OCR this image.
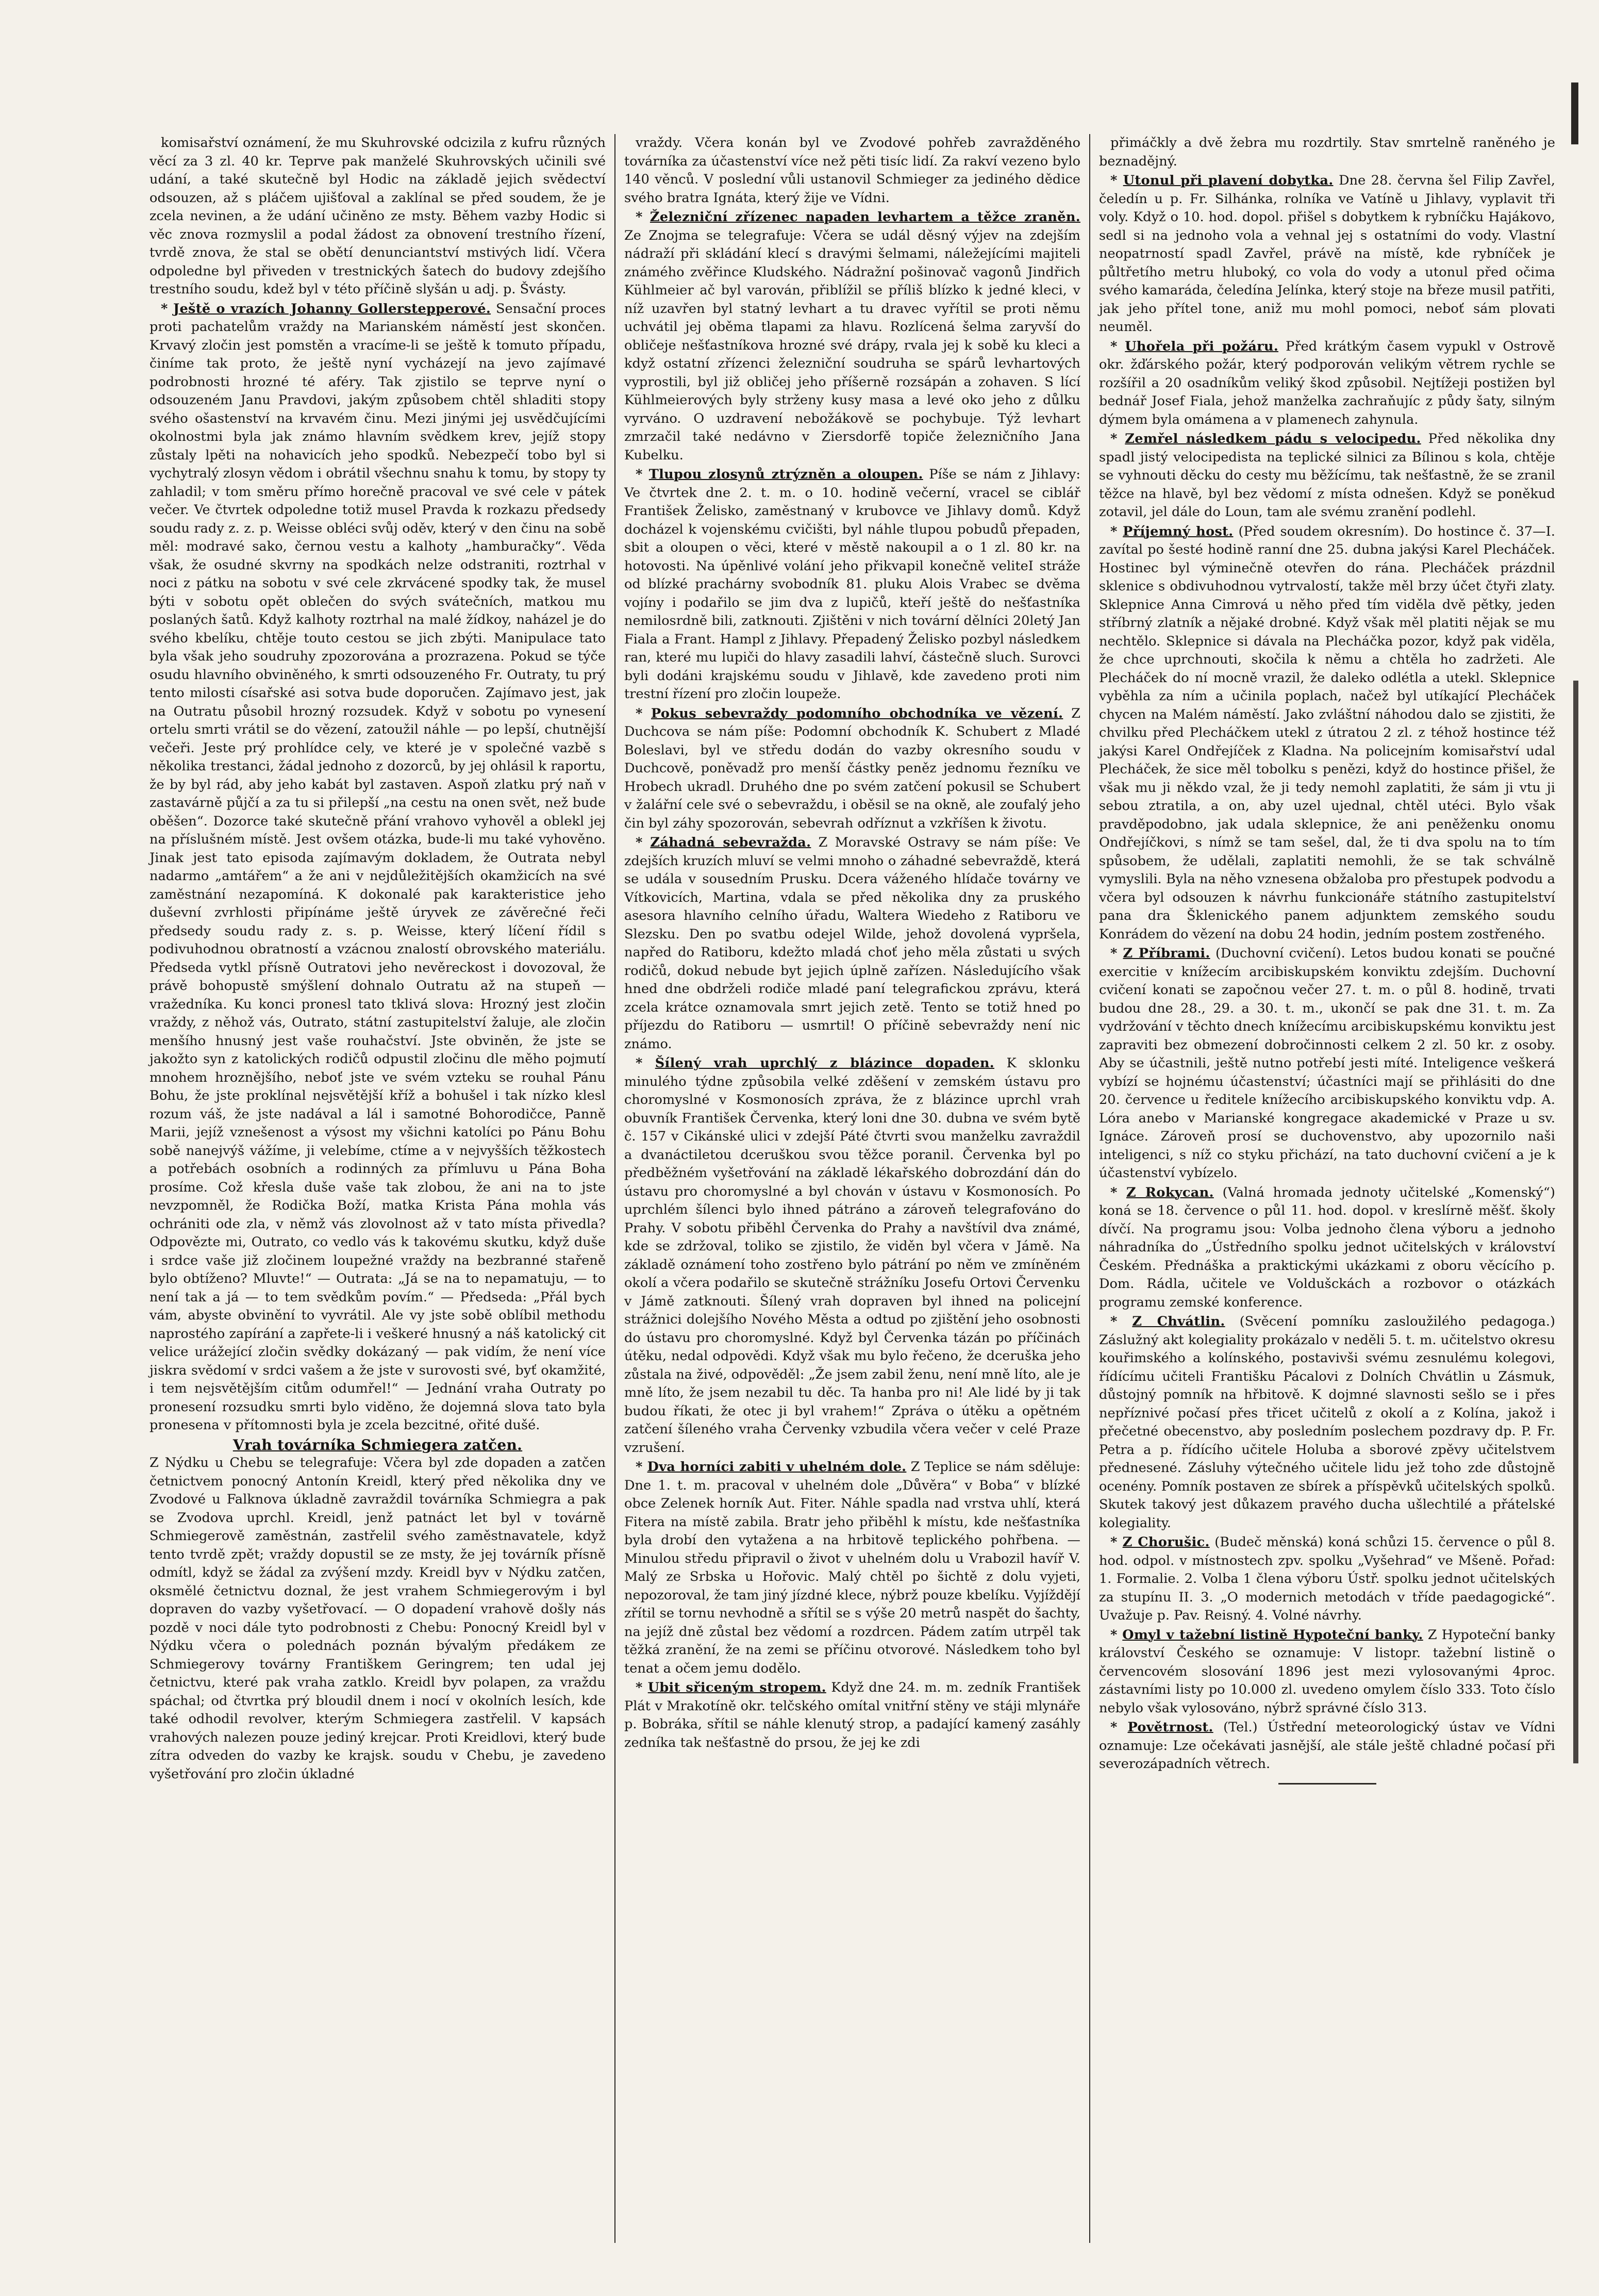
komisařství oznámení, že mu Skuhrovské odcizila z kufru různých věcí za 3 zl. 40 kr. Teprve pak manželé Skuhrovských učinili své udání, a také skutečně byl Hodic na základě jejich svědectví odsouzen, až s pláčem ujišťoval a zaklínal se před soudem, že je zcela nevinen, a že udání učiněno ze msty. Během vazby Hodic si věc znova rozmyslil a podal žádost za obnovení trestního řízení, tvrdě znova, že stal se obětí denunciantství mstivých lidí. Včera odpoledne byl přiveden v trestnických šatech do budovy zdejšího trestního soudu, kdež byl v této příčině slyšán u adj. p. Švásty.

* Ještě o vrazích Johanny Gollerstepperové. Sensační proces proti pachatelům vraždy na Marianském náměstí jest skončen. Krvavý zločin jest pomstěn a vracíme-li se ještě k tomuto případu, činíme tak proto, že ještě nyní vycházejí na jevo zajímavé podrobnosti hrozné té aféry. Tak zjistilo se teprve nyní o odsouzeném Janu Pravdovi, jakým způsobem chtěl shladiti stopy svého ošastenství na krvavém činu. Mezi jinými jej usvědčujícími okolnostmi byla jak známo hlavním svědkem krev, jejíž stopy zůstaly lpěti na nohavicích jeho spodků. Nebezpečí tobo byl si vychytralý zlosyn vědom i obrátil všechnu snahu k tomu, by stopy ty zahladil; v tom směru přímo horečně pracoval ve své cele v pátek večer. Ve čtvrtek odpoledne totiž musel Pravda k rozkazu předsedy soudu rady z. z. p. Weisse obléci svůj oděv, který v den činu na sobě měl: modravé sako, černou vestu a kalhoty „hamburačky“. Věda však, že osudné skvrny na spodkách nelze odstraniti, roztrhal v noci z pátku na sobotu v své cele zkrvácené spodky tak, že musel býti v sobotu opět oblečen do svých svátečních, matkou mu poslaných šatů. Když kalhoty roztrhal na malé žídkoy, naházel je do svého kbelíku, chtěje touto cestou se jich zbýti. Manipulace tato byla však jeho soudruhy zpozorována a prozrazena. Pokud se týče osudu hlavního obviněného, k smrti odsouzeného Fr. Outraty, tu prý tento milosti císařské asi sotva bude doporučen. Zajímavo jest, jak na Outratu působil hrozný rozsudek. Když v sobotu po vynesení ortelu smrti vrátil se do vězení, zatoužil náhle — po lepší, chutnější večeři. Jeste prý prohlídce cely, ve které je v společné vazbě s několika trestanci, žádal jednoho z dozorců, by jej ohlásil k raportu, že by byl rád, aby jeho kabát byl zastaven. Aspoň zlatku prý naň v zastavárně půjčí a za tu si přilepší „na cestu na onen svět, než bude oběšen“. Dozorce také skutečně přání vrahovo vyhověl a oblekl jej na příslušném místě. Jest ovšem otázka, bude-li mu také vyhověno. Jinak jest tato episoda zajímavým dokladem, že Outrata nebyl nadarmo „amtářem“ a že ani v nejdůležitějších okamžicích na své zaměstnání nezapomíná. K dokonalé pak karakteristice jeho duševní zvrhlosti připínáme ještě úryvek ze závěrečné řeči předsedy soudu rady z. s. p. Weisse, který líčení řídil s podivuhodnou obratností a vzácnou znalostí obrovského materiálu. Předseda vytkl přísně Outratovi jeho nevěreckost i dovozoval, že právě bohopustě smýšlení dohnalo Outratu až na stupeň — vražedníka. Ku konci pronesl tato tklivá slova: Hrozný jest zločin vraždy, z něhož vás, Outrato, státní zastupitelství žaluje, ale zločin menšího hnusný jest vaše rouhačství. Jste obviněn, že jste se jakožto syn z katolických rodičů odpustil zločinu dle měho pojmutí mnohem hroznějšího, neboť jste ve svém vzteku se rouhal Pánu Bohu, že jste proklínal nejsvětější kříž a bohušel i tak nízko klesl rozum váš, že jste nadával a lál i samotné Bohorodičce, Panně Marii, jejíž vznešenost a výsost my všichni katolíci po Pánu Bohu sobě nanejvýš vážíme, ji velebíme, ctíme a v nejvyšších těžkostech a potřebách osobních a rodinných za přímluvu u Pána Boha prosíme. Což křesla duše vaše tak zlobou, že ani na to jste nevzpomněl, že Rodička Boží, matka Krista Pána mohla vás ochrániti ode zla, v němž vás zlovolnost až v tato místa přivedla? Odpovězte mi, Outrato, co vedlo vás k takovému skutku, když duše i srdce vaše již zločinem loupežné vraždy na bezbranné stařeně bylo obtíženo? Mluvte!“ — Outrata: „Já se na to nepamatuju, — to není tak a já — to tem svědkům povím.“ — Předseda: „Přál bych vám, abyste obvinění to vyvrátil. Ale vy jste sobě oblíbil methodu naprostého zapírání a zapřete-li i veškeré hnusný a náš katolický cit velice urážející zločin svědky dokázaný — pak vidím, že není více jiskra svědomí v srdci vašem a že jste v surovosti své, byť okamžité, i tem nejsvětějším citům odumřel!“ — Jednání vraha Outraty po pronesení rozsudku smrti bylo viděno, že dojemná slova tato byla pronesena v přítomnosti byla je zcela bezcitné, ořité dušé.

Vrah továrníka Schmiegera zatčen.
Z Nýdku u Chebu se telegrafuje: Včera byl zde dopaden a zatčen četnictvem ponocný Antonín Kreidl, který před několika dny ve Zvodové u Falknova úkladně zavraždil továrníka Schmiegra a pak se Zvodova uprchl. Kreidl, jenž patnáct let byl v továrně Schmiegerově zaměstnán, zastřelil svého zaměstnavatele, když tento tvrdě zpět; vraždy dopustil se ze msty, že jej továrník přísně odmítl, když se žádal za zvýšení mzdy. Kreidl byv v Nýdku zatčen, oksmělé četnictvu doznal, že jest vrahem Schmiegerovým i byl dopraven do vazby vyšetřovací. — O dopadení vrahově došly nás pozdě v noci dále tyto podrobnosti z Chebu: Ponocný Kreidl byl v Nýdku včera o polednách poznán bývalým předákem ze Schmiegerovy továrny Františkem Geringrem; ten udal jej četnictvu, které pak vraha zatklo. Kreidl byv polapen, za vraždu spáchal; od čtvrtka prý bloudil dnem i nocí v okolních lesích, kde také odhodil revolver, kterým Schmiegera zastřelil. V kapsách vrahových nalezen pouze jediný krejcar. Proti Kreidlovi, který bude zítra odveden do vazby ke krajsk. soudu v Chebu, je zavedeno vyšetřování pro zločin úkladné

vraždy. Včera konán byl ve Zvodové pohřeb zavražděného továrníka za účastenství více než pěti tisíc lidí. Za rakví vezeno bylo 140 věnců. V poslední vůli ustanovil Schmieger za jediného dědice svého bratra Ignáta, který žije ve Vídni.

* Železniční zřízenec napaden levhartem a těžce zraněn. Ze Znojma se telegrafuje: Včera se udál děsný výjev na zdejším nádraží při skládání klecí s dravými šelmami, náležejícími majiteli známého zvěřince Kludského. Nádražní pošinovač vagonů Jindřich Kühlmeier ač byl varován, přiblížil se příliš blízko k jedné kleci, v níž uzavřen byl statný levhart a tu dravec vyřítil se proti němu uchvátil jej oběma tlapami za hlavu. Rozlícená šelma zaryvší do obličeje nešťastníkova hrozné své drápy, rvala jej k sobě ku kleci a když ostatní zřízenci železniční soudruha se spárů levhartových vyprostili, byl již obličej jeho příšerně rozsápán a zohaven. S lící Kühlmeierových byly strženy kusy masa a levé oko jeho z důlku vyrváno. O uzdravení nebožákově se pochybuje. Týž levhart zmrzačil také nedávno v Ziersdorfě topiče železničního Jana Kubelku.

* Tlupou zlosynů ztrýzněn a oloupen. Píše se nám z Jihlavy: Ve čtvrtek dne 2. t. m. o 10. hodině večerní, vracel se ciblář František Želisko, zaměstnaný v krubovce ve Jihlavy domů. Když docházel k vojenskému cvičišti, byl náhle tlupou pobudů přepaden, sbit a oloupen o věci, které v městě nakoupil a o 1 zl. 80 kr. na hotovosti. Na úpěnlivé volání jeho přikvapil konečně veliteI stráže od blízké prachárny svobodník 81. pluku Alois Vrabec se dvěma vojíny i podařilo se jim dva z lupičů, kteří ještě do nešťastníka nemilosrdně bili, zatknouti. Zjištěni v nich tovární dělníci 20letý Jan Fiala a Frant. Hampl z Jihlavy. Přepadený Želisko pozbyl následkem ran, které mu lupiči do hlavy zasadili lahví, částečně sluch. Surovci byli dodáni krajskému soudu v Jihlavě, kde zavedeno proti nim trestní řízení pro zločin loupeže.

* Pokus sebevraždy podomního obchodníka ve vězení. Z Duchcova se nám píše: Podomní obchodník K. Schubert z Mladé Boleslavi, byl ve středu dodán do vazby okresního soudu v Duchcově, poněvadž pro menší částky peněz jednomu řezníku ve Hrobech ukradl. Druhého dne po svém zatčení pokusil se Schubert v žalářní cele své o sebevraždu, i oběsil se na okně, ale zoufalý jeho čin byl záhy spozorován, sebevrah odříznut a vzkříšen k životu.

* Záhadná sebevražda. Z Moravské Ostravy se nám píše: Ve zdejších kruzích mluví se velmi mnoho o záhadné sebevraždě, která se udála v sousedním Prusku. Dcera váženého hlídače továrny ve Vítkovicích, Martina, vdala se před několika dny za pruského asesora hlavního celního úřadu, Waltera Wiedeho z Ratiboru ve Slezsku. Den po svatbu odejel Wilde, jehož dovolená vypršela, napřed do Ratiboru, kdežto mladá choť jeho měla zůstati u svých rodičů, dokud nebude byt jejich úplně zařízen. Následujícího však hned dne obdrželi rodiče mladé paní telegrafickou zprávu, která zcela krátce oznamovala smrt jejich zetě. Tento se totiž hned po příjezdu do Ratiboru — usmrtil! O příčině sebevraždy není nic známo.

* Šílený vrah uprchlý z blázince dopaden. K sklonku minulého týdne způsobila velké zděšení v zemském ústavu pro choromyslné v Kosmonosích zpráva, že z blázince uprchl vrah obuvník František Červenka, který loni dne 30. dubna ve svém bytě č. 157 v Cikánské ulici v zdejší Páté čtvrti svou manželku zavraždil a dvanáctiletou dceruškou svou těžce poranil. Červenka byl po předběžném vyšetřování na základě lékařského dobrozdání dán do ústavu pro choromyslné a byl chován v ústavu v Kosmonosích. Po uprchlém šílenci bylo ihned pátráno a zároveň telegrafováno do Prahy. V sobotu přiběhl Červenka do Prahy a navštívil dva známé, kde se zdržoval, toliko se zjistilo, že viděn byl včera v Jámě. Na základě oznámení toho zostřeno bylo pátrání po něm ve zmíněném okolí a včera podařilo se skutečně strážníku Josefu Ortovi Červenku v Jámě zatknouti. Šílený vrah dopraven byl ihned na policejní strážnici dolejšího Nového Města a odtud po zjištění jeho osobnosti do ústavu pro choromyslné. Když byl Červenka tázán po příčinách útěku, nedal odpovědi. Když však mu bylo řečeno, že dceruška jeho zůstala na živé, odpověděl: „Že jsem zabil ženu, není mně líto, ale je mně líto, že jsem nezabil tu děc. Ta hanba pro ni! Ale lidé by ji tak budou říkati, že otec ji byl vrahem!“ Zpráva o útěku a opětném zatčení šíleného vraha Červenky vzbudila včera večer v celé Praze vzrušení.

* Dva horníci zabiti v uhelném dole. Z Teplice se nám sděluje: Dne 1. t. m. pracoval v uhelném dole „Důvěra“ v Boba“ v blízké obce Zelenek horník Aut. Fiter. Náhle spadla nad vrstva uhlí, která Fitera na místě zabila. Bratr jeho přiběhl k místu, kde nešťastníka byla drobí den vytažena a na hrbitově teplického pohřbena. — Minulou středu připravil o život v uhelném dolu u Vrabozil havíř V. Malý ze Srbska u Hořovic. Malý chtěl po šichtě z dolu vyjeti, nepozoroval, že tam jiný jízdné klece, nýbrž pouze kbelíku. Vyjíždějí zřítil se tornu nevhodně a sřítil se s výše 20 metrů naspět do šachty, na jejíž dně zůstal bez vědomí a rozdrcen. Pádem zatím utrpěl tak těžká zranění, že na zemi se příčinu otvorové. Následkem toho byl tenat a očem jemu dodělo.

* Ubit sřiceným stropem. Když dne 24. m. m. zedník František Plát v Mrakotíně okr. telčského omítal vnitřní stěny ve stáji mlynáře p. Bobráka, sřítil se náhle klenutý strop, a padající kamený zasáhly zedníka tak nešťastně do prsou, že jej ke zdi

přimáčkly a dvě žebra mu rozdrtily. Stav smrtelně raněného je beznadějný.

* Utonul při plavení dobytka. Dne 28. června šel Filip Zavřel, čeledín u p. Fr. Silhánka, rolníka ve Vatíně u Jihlavy, vyplavit tři voly. Když o 10. hod. dopol. přišel s dobytkem k rybníčku Hajákovo, sedl si na jednoho vola a vehnal jej s ostatními do vody. Vlastní neopatrností spadl Zavřel, právě na místě, kde rybníček je půltřetího metru hluboký, co vola do vody a utonul před očima svého kamaráda, čeledína Jelínka, který stoje na březe musil patřiti, jak jeho přítel tone, aniž mu mohl pomoci, neboť sám plovati neuměl.

* Uhořela při požáru. Před krátkým časem vypukl v Ostrově okr. žďárského požár, který podporován velikým větrem rychle se rozšířil a 20 osadníkům veliký škod způsobil. Nejtížeji postižen byl bednář Josef Fiala, jehož manželka zachraňujíc z půdy šaty, silným dýmem byla omámena a v plamenech zahynula.

* Zemřel následkem pádu s velocipedu. Před několika dny spadl jistý velocipedista na teplické silnici za Bílinou s kola, chtěje se vyhnouti děcku do cesty mu běžícímu, tak nešťastně, že se zranil těžce na hlavě, byl bez vědomí z místa odnešen. Když se poněkud zotavil, jel dále do Loun, tam ale svému zranění podlehl.

* Příjemný host. (Před soudem okresním). Do hostince č. 37—I. zavítal po šesté hodině ranní dne 25. dubna jakýsi Karel Plecháček. Hostinec byl výminečně otevřen do rána. Plecháček prázdnil sklenice s obdivuhodnou vytrvalostí, takže měl brzy účet čtyři zlaty. Sklepnice Anna Cimrová u něho před tím viděla dvě pětky, jeden stříbrný zlatník a nějaké drobné. Když však měl platiti nějak se mu nechtělo. Sklepnice si dávala na Plecháčka pozor, když pak viděla, že chce uprchnouti, skočila k němu a chtěla ho zadržeti. Ale Plecháček do ní mocně vrazil, že daleko odlétla a utekl. Sklepnice vyběhla za ním a učinila poplach, načež byl utíkající Plecháček chycen na Malém náměstí. Jako zvláštní náhodou dalo se zjistiti, že chvilku před Plecháčkem utekl z útratou 2 zl. z téhož hostince též jakýsi Karel Ondřejíček z Kladna. Na policejním komisařství udal Plecháček, že sice měl tobolku s penězi, když do hostince přišel, že však mu ji někdo vzal, že ji tedy nemohl zaplatiti, že sám ji vtu ji sebou ztratila, a on, aby uzel ujednal, chtěl utéci. Bylo však pravděpodobno, jak udala sklepnice, že ani peněženku onomu Ondřejíčkovi, s nímž se tam sešel, dal, že ti dva spolu na to tím spůsobem, že udělali, zaplatiti nemohli, že se tak schválně vymyslili. Byla na něho vznesena obžaloba pro přestupek podvodu a včera byl odsouzen k návrhu funkcionáře státního zastupitelství pana dra Šklenického panem adjunktem zemského soudu Konrádem do vězení na dobu 24 hodin, jedním postem zostřeného.

* Z Příbrami. (Duchovní cvičení). Letos budou konati se poučné exercitie v knížecím arcibiskupském konviktu zdejším. Duchovní cvičení konati se započnou večer 27. t. m. o půl 8. hodině, trvati budou dne 28., 29. a 30. t. m., ukončí se pak dne 31. t. m. Za vydržování v těchto dnech knížecímu arcibiskupskému konviktu jest zapraviti bez obmezení dobročinnosti celkem 2 zl. 50 kr. z osoby. Aby se účastnili, ještě nutno potřebí jesti míté. Inteligence veškerá vybízí se hojnému účastenství; účastníci mají se přihlásiti do dne 20. července u ředitele knížecího arcibiskupského konviktu vdp. A. Lóra anebo v Marianské kongregace akademické v Praze u sv. Ignáce. Zároveň prosí se duchovenstvo, aby upozornilo naši inteligenci, s níž co styku přichází, na tato duchovní cvičení a je k účastenství vybízelo.

* Z Rokycan. (Valná hromada jednoty učitelské „Komenský“) koná se 18. července o půl 11. hod. dopol. v kreslírně měšť. školy dívčí. Na programu jsou: Volba jednoho člena výboru a jednoho náhradníka do „Ústředního spolku jednot učitelských v království Českém. Přednáška a praktickými ukázkami z oboru věcícího p. Dom. Rádla, učitele ve Voldušckách a rozbovor o otázkách programu zemské konference.

* Z Chvátlin. (Svěcení pomníku zasloužilého pedagoga.) Záslužný akt kolegiality prokázalo v neděli 5. t. m. učitelstvo okresu kouřimského a kolínského, postavivši svému zesnulému kolegovi, řídícímu učiteli Františku Pácalovi z Dolních Chvátlin u Zásmuk, důstojný pomník na hřbitově. K dojmné slavnosti sešlo se i přes nepříznivé počasí přes třicet učitelů z okolí a z Kolína, jakož i přečetné obecenstvo, aby posledním poslechem pozdravy dp. P. Fr. Petra a p. řídícího učitele Holuba a sborové zpěvy učitelstvem přednesené. Zásluhy výtečného učitele lidu jež toho zde důstojně ocenény. Pomník postaven ze sbírek a příspěvků učitelských spolků. Skutek takový jest důkazem pravého ducha ušlechtilé a přátelské kolegiality.

* Z Chorušic. (Budeč měnská) koná schůzi 15. července o půl 8. hod. odpol. v místnostech zpv. spolku „Vyšehrad“ ve Mšeně. Pořad: 1. Formalie. 2. Volba 1 člena výboru Ústř. spolku jednot učitelských za stupínu II. 3. „O modernich metodách v tříde paedagogické“. Uvažuje p. Pav. Reisný. 4. Volné návrhy.

* Omyl v tažební listině Hypoteční banky. Z Hypoteční banky království Českého se oznamuje: V listopr. tažební listině o červencovém slosování 1896 jest mezi vylosovanými 4proc. zástavními listy po 10.000 zl. uvedeno omylem číslo 333. Toto číslo nebylo však vylosováno, nýbrž správné číslo 313.

* Povětrnost. (Tel.) Ústřední meteorologický ústav ve Vídni oznamuje: Lze očekávati jasnější, ale stále ještě chladné počasí při severozápadních větrech.
